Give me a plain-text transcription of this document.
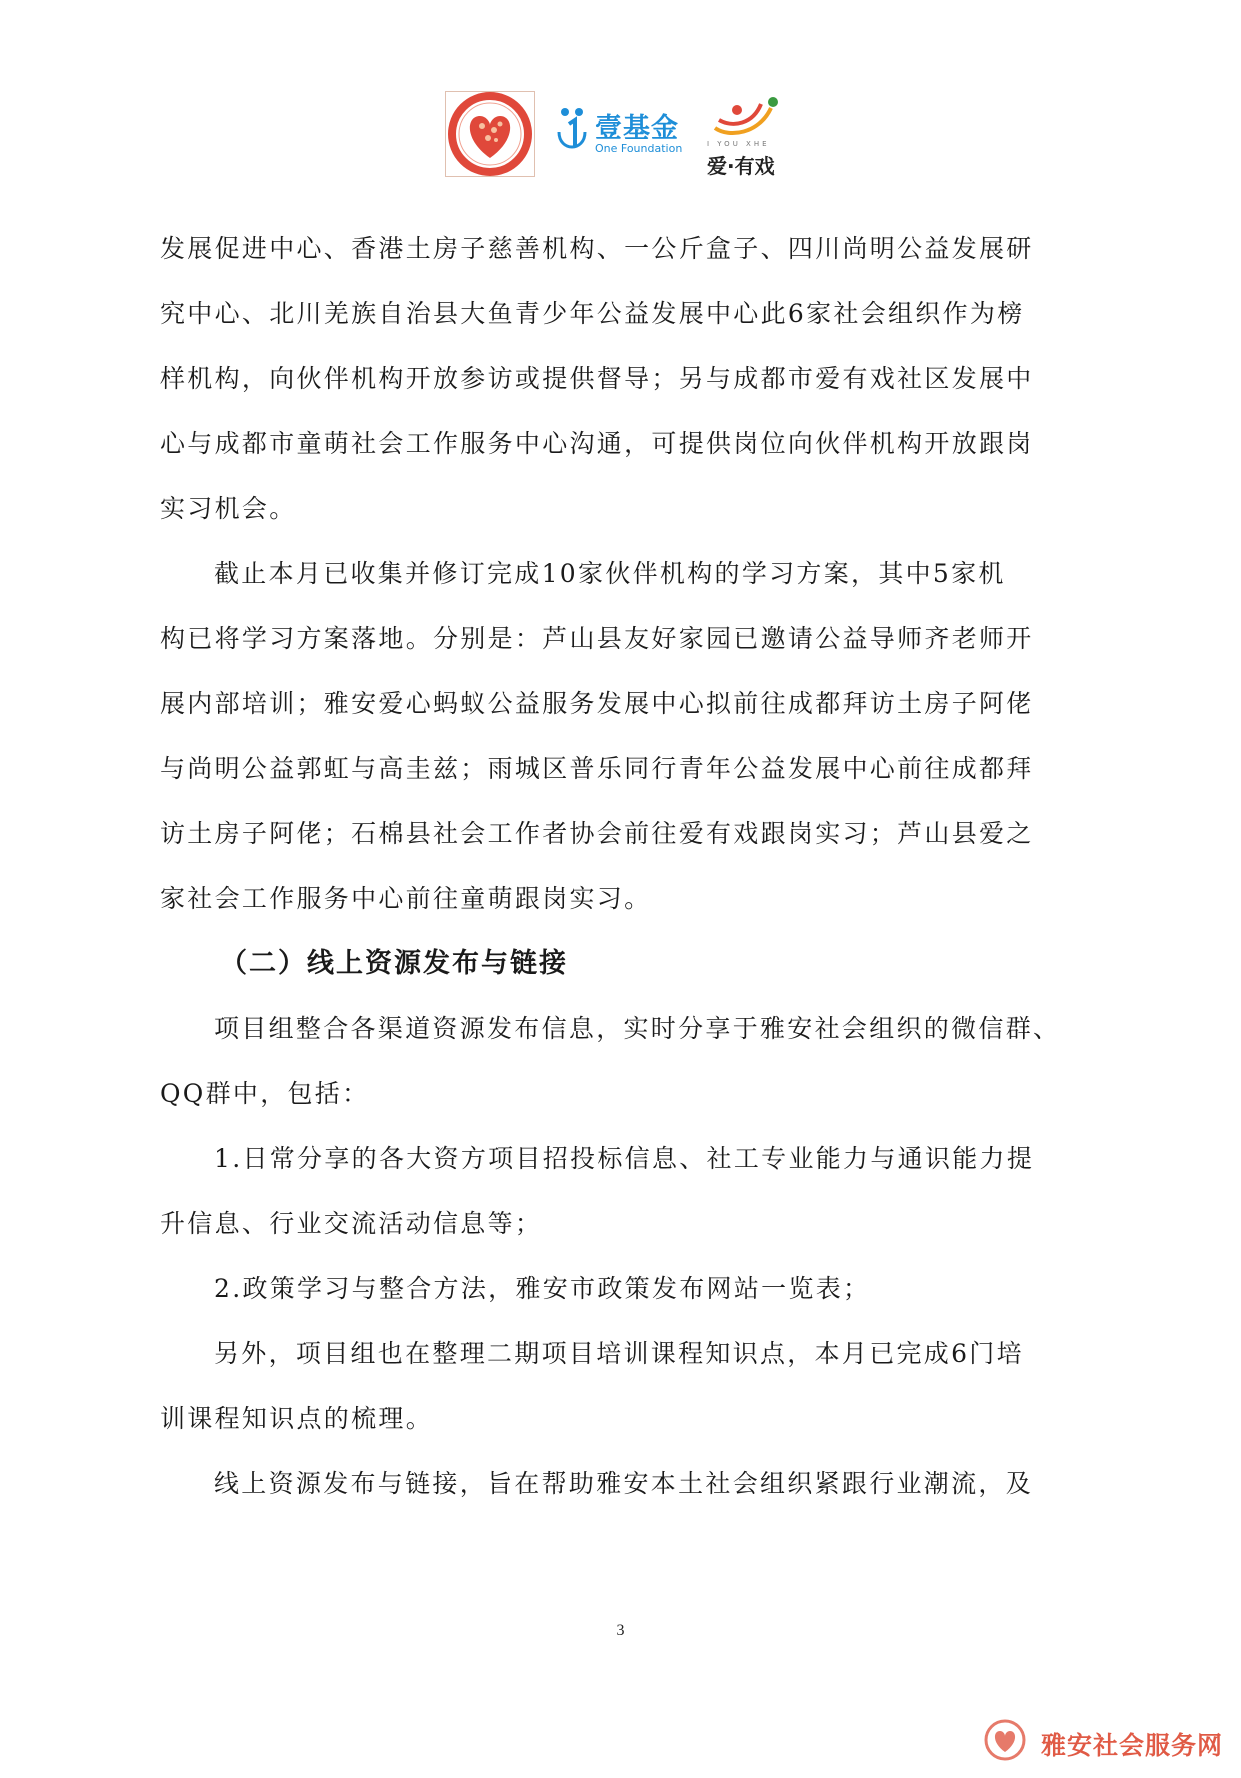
壹基金
One Foundation	I YOU XHE
爱·有戏

发展促进中心、香港土房子慈善机构、一公斤盒子、四川尚明公益发展研
究中心、北川羌族自治县大鱼青少年公益发展中心此6家社会组织作为榜
样机构，向伙伴机构开放参访或提供督导；另与成都市爱有戏社区发展中
心与成都市童萌社会工作服务中心沟通，可提供岗位向伙伴机构开放跟岗
实习机会。

截止本月已收集并修订完成10家伙伴机构的学习方案，其中5家机
构已将学习方案落地。分别是：芦山县友好家园已邀请公益导师齐老师开
展内部培训；雅安爱心蚂蚁公益服务发展中心拟前往成都拜访土房子阿佬
与尚明公益郭虹与高圭兹；雨城区普乐同行青年公益发展中心前往成都拜
访土房子阿佬；石棉县社会工作者协会前往爱有戏跟岗实习；芦山县爱之
家社会工作服务中心前往童萌跟岗实习。

（二）线上资源发布与链接

项目组整合各渠道资源发布信息，实时分享于雅安社会组织的微信群、
QQ群中，包括：

1.日常分享的各大资方项目招投标信息、社工专业能力与通识能力提
升信息、行业交流活动信息等；

2.政策学习与整合方法，雅安市政策发布网站一览表；

另外，项目组也在整理二期项目培训课程知识点，本月已完成6门培
训课程知识点的梳理。

线上资源发布与链接，旨在帮助雅安本土社会组织紧跟行业潮流，及

3
雅安社会服务网
